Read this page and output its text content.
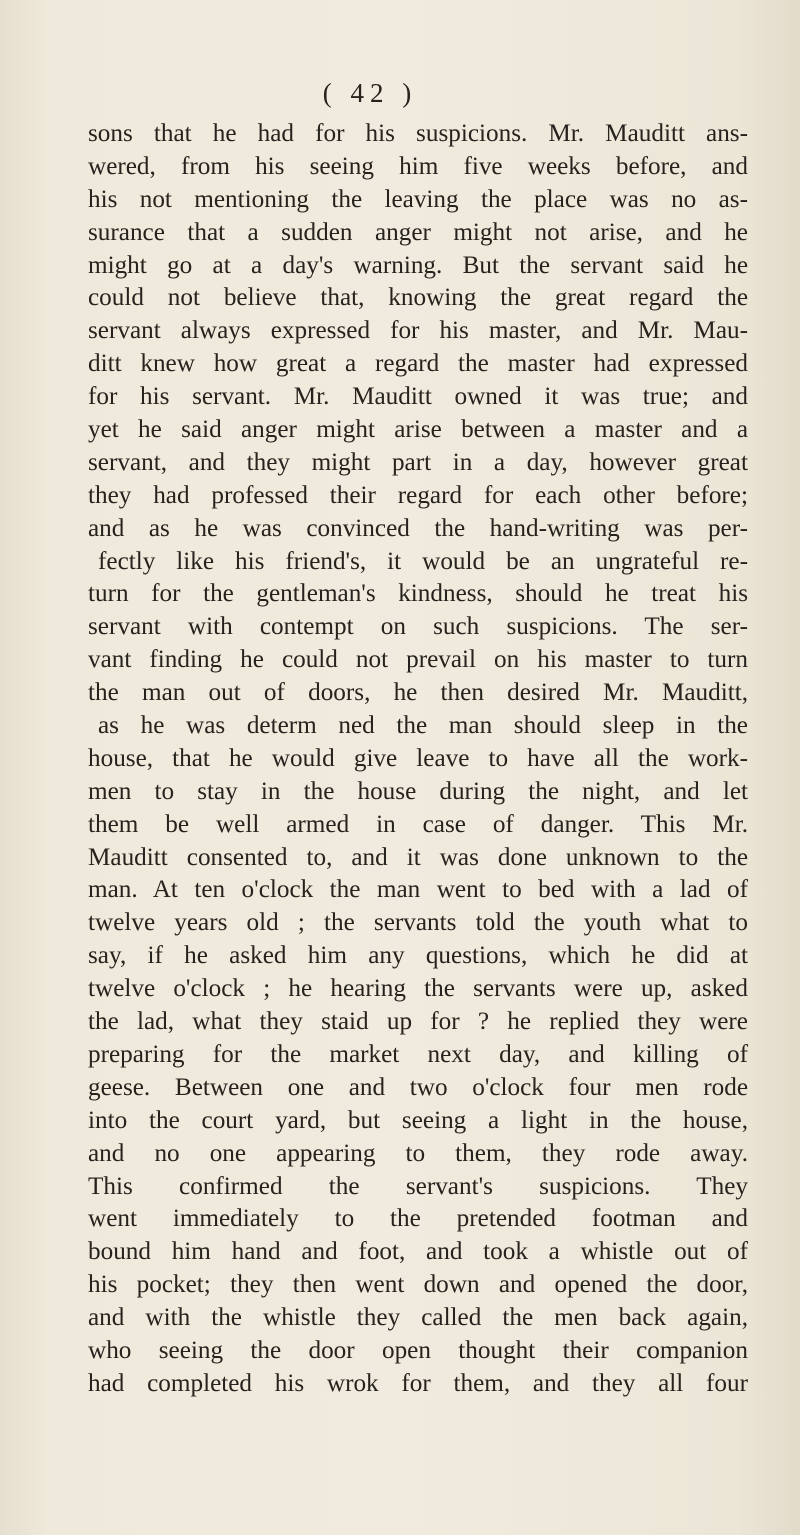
( 42 )
sons that he had for his suspicions. Mr. Mauditt ans-
wered, from his seeing him five weeks before, and
his not mentioning the leaving the place was no as-
surance that a sudden anger might not arise, and he
might go at a day's warning. But the servant said he
could not believe that, knowing the great regard the
servant always expressed for his master, and Mr. Mau-
ditt knew how great a regard the master had expressed
for his servant. Mr. Mauditt owned it was true; and
yet he said anger might arise between a master and a
servant, and they might part in a day, however great
they had professed their regard for each other before;
and as he was convinced the hand-writing was per-
fectly like his friend's, it would be an ungrateful re-
turn for the gentleman's kindness, should he treat his
servant with contempt on such suspicions. The ser-
vant finding he could not prevail on his master to turn
the man out of doors, he then desired Mr. Mauditt,
as he was determ ned the man should sleep in the
house, that he would give leave to have all the work-
men to stay in the house during the night, and let
them be well armed in case of danger. This Mr.
Mauditt consented to, and it was done unknown to the
man. At ten o'clock the man went to bed with a lad of
twelve years old ; the servants told the youth what to
say, if he asked him any questions, which he did at
twelve o'clock ; he hearing the servants were up, asked
the lad, what they staid up for ? he replied they were
preparing for the market next day, and killing of
geese. Between one and two o'clock four men rode
into the court yard, but seeing a light in the house,
and no one appearing to them, they rode away.
This confirmed the servant's suspicions. They
went immediately to the pretended footman and
bound him hand and foot, and took a whistle out of
his pocket; they then went down and opened the door,
and with the whistle they called the men back again,
who seeing the door open thought their companion
had completed his wrok for them, and they all four
